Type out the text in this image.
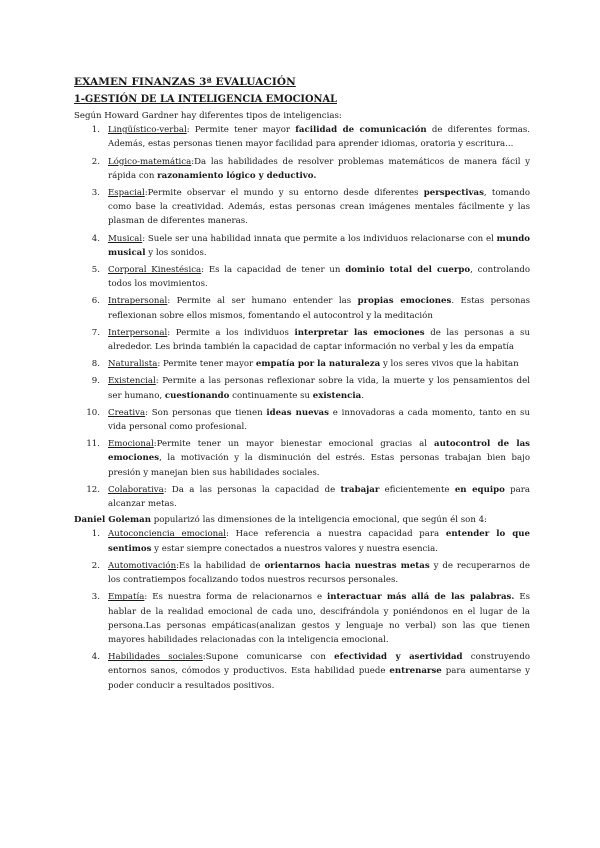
EXAMEN FINANZAS 3ª EVALUACIÓN
1-GESTIÓN DE LA INTELIGENCIA EMOCIONAL

Según Howard Gardner hay diferentes tipos de inteligencias:

1. Lingüístico-verbal: Permite tener mayor facilidad de comunicación de diferentes formas. Además, estas personas tienen mayor facilidad para aprender idiomas, oratoria y escritura...
2. Lógico-matemática:Da las habilidades de resolver problemas matemáticos de manera fácil y rápida con razonamiento lógico y deductivo.
3. Espacial:Permite observar el mundo y su entorno desde diferentes perspectivas, tomando como base la creatividad. Además, estas personas crean imágenes mentales fácilmente y las plasman de diferentes maneras.
4. Musical: Suele ser una habilidad innata que permite a los individuos relacionarse con el mundo musical y los sonidos.
5. Corporal Kinestésica: Es la capacidad de tener un dominio total del cuerpo, controlando todos los movimientos.
6. Intrapersonal: Permite al ser humano entender las propias emociones. Estas personas reflexionan sobre ellos mismos, fomentando el autocontrol y la meditación
7. Interpersonal: Permite a los individuos interpretar las emociones de las personas a su alrededor. Les brinda también la capacidad de captar información no verbal y les da empatía
8. Naturalista: Permite tener mayor empatía por la naturaleza y los seres vivos que la habitan
9. Existencial: Permite a las personas reflexionar sobre la vida, la muerte y los pensamientos del ser humano, cuestionando continuamente su existencia.
10. Creativa: Son personas que tienen ideas nuevas e innovadoras a cada momento, tanto en su vida personal como profesional.
11. Emocional:Permite tener un mayor bienestar emocional gracias al autocontrol de las emociones, la motivación y la disminución del estrés. Estas personas trabajan bien bajo presión y manejan bien sus habilidades sociales.
12. Colaborativa: Da a las personas la capacidad de trabajar eficientemente en equipo para alcanzar metas.

Daniel Goleman popularizó las dimensiones de la inteligencia emocional, que según él son 4:

1. Autoconciencia emocional: Hace referencia a nuestra capacidad para entender lo que sentimos y estar siempre conectados a nuestros valores y nuestra esencia.
2. Automotivación:Es la habilidad de orientarnos hacia nuestras metas y de recuperarnos de los contratiempos focalizando todos nuestros recursos personales.
3. Empatía: Es nuestra forma de relacionarnos e interactuar más allá de las palabras. Es hablar de la realidad emocional de cada uno, descifrándola y poniéndonos en el lugar de la persona.Las personas empáticas(analizan gestos y lenguaje no verbal) son las que tienen mayores habilidades relacionadas con la inteligencia emocional.
4. Habilidades sociales:Supone comunicarse con efectividad y asertividad construyendo entornos sanos, cómodos y productivos. Esta habilidad puede entrenarse para aumentarse y poder conducir a resultados positivos.
